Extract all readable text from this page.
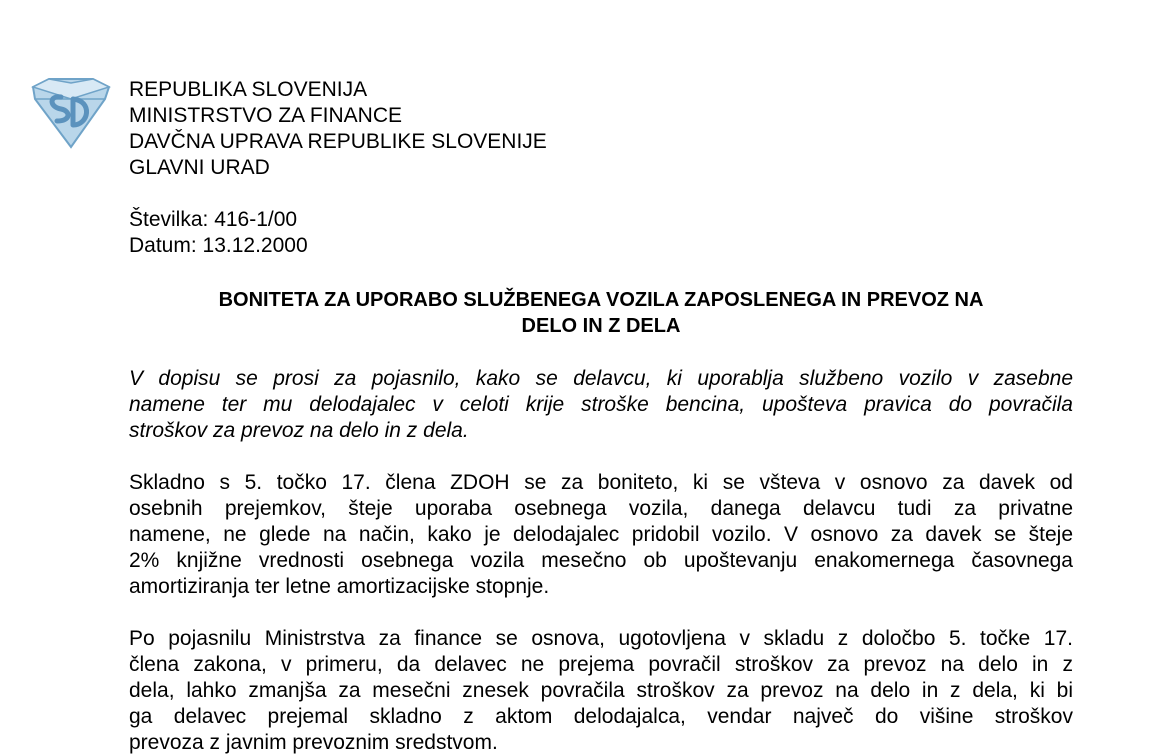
REPUBLIKA SLOVENIJA
MINISTRSTVO ZA FINANCE
DAVČNA UPRAVA REPUBLIKE SLOVENIJE
GLAVNI URAD
Številka: 416-1/00
Datum: 13.12.2000
BONITETA ZA UPORABO SLUŽBENEGA VOZILA ZAPOSLENEGA IN PREVOZ NA
DELO IN Z DELA
V dopisu se prosi za pojasnilo, kako se delavcu, ki uporablja službeno vozilo v zasebne
namene ter mu delodajalec v celoti krije stroške bencina, upošteva pravica do povračila
stroškov za prevoz na delo in z dela.
Skladno s 5. točko 17. člena ZDOH se za boniteto, ki se všteva v osnovo za davek od
osebnih prejemkov, šteje uporaba osebnega vozila, danega delavcu tudi za privatne
namene, ne glede na način, kako je delodajalec pridobil vozilo. V osnovo za davek se šteje
2% knjižne vrednosti osebnega vozila mesečno ob upoštevanju enakomernega časovnega
amortiziranja ter letne amortizacijske stopnje.
Po pojasnilu Ministrstva za finance se osnova, ugotovljena v skladu z določbo 5. točke 17.
člena zakona, v primeru, da delavec ne prejema povračil stroškov za prevoz na delo in z
dela, lahko zmanjša za mesečni znesek povračila stroškov za prevoz na delo in z dela, ki bi
ga delavec prejemal skladno z aktom delodajalca, vendar največ do višine stroškov
prevoza z javnim prevoznim sredstvom.
